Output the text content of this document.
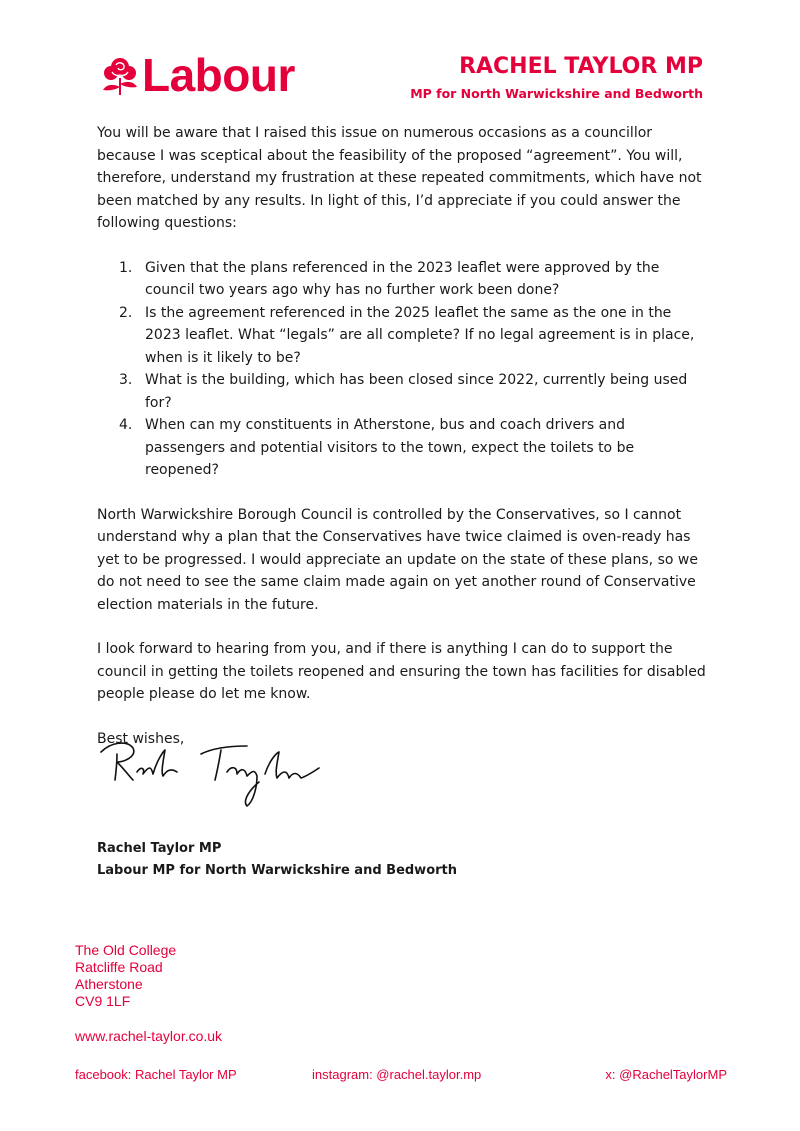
Labour	RACHEL TAYLOR MP
MP for North Warwickshire and Bedworth

You will be aware that I raised this issue on numerous occasions as a councillor because I was sceptical about the feasibility of the proposed “agreement”. You will, therefore, understand my frustration at these repeated commitments, which have not been matched by any results. In light of this, I’d appreciate if you could answer the following questions:

1. Given that the plans referenced in the 2023 leaflet were approved by the council two years ago why has no further work been done?
2. Is the agreement referenced in the 2025 leaflet the same as the one in the 2023 leaflet. What “legals” are all complete? If no legal agreement is in place, when is it likely to be?
3. What is the building, which has been closed since 2022, currently being used for?
4. When can my constituents in Atherstone, bus and coach drivers and passengers and potential visitors to the town, expect the toilets to be reopened?

North Warwickshire Borough Council is controlled by the Conservatives, so I cannot understand why a plan that the Conservatives have twice claimed is oven-ready has yet to be progressed. I would appreciate an update on the state of these plans, so we do not need to see the same claim made again on yet another round of Conservative election materials in the future.

I look forward to hearing from you, and if there is anything I can do to support the council in getting the toilets reopened and ensuring the town has facilities for disabled people please do let me know.

Best wishes,

Rachel Taylor MP
Labour MP for North Warwickshire and Bedworth
The Old College
Ratcliffe Road
Atherstone
CV9 1LF
www.rachel-taylor.co.uk
facebook: Rachel Taylor MP	instagram: @rachel.taylor.mp	x: @RachelTaylorMP
